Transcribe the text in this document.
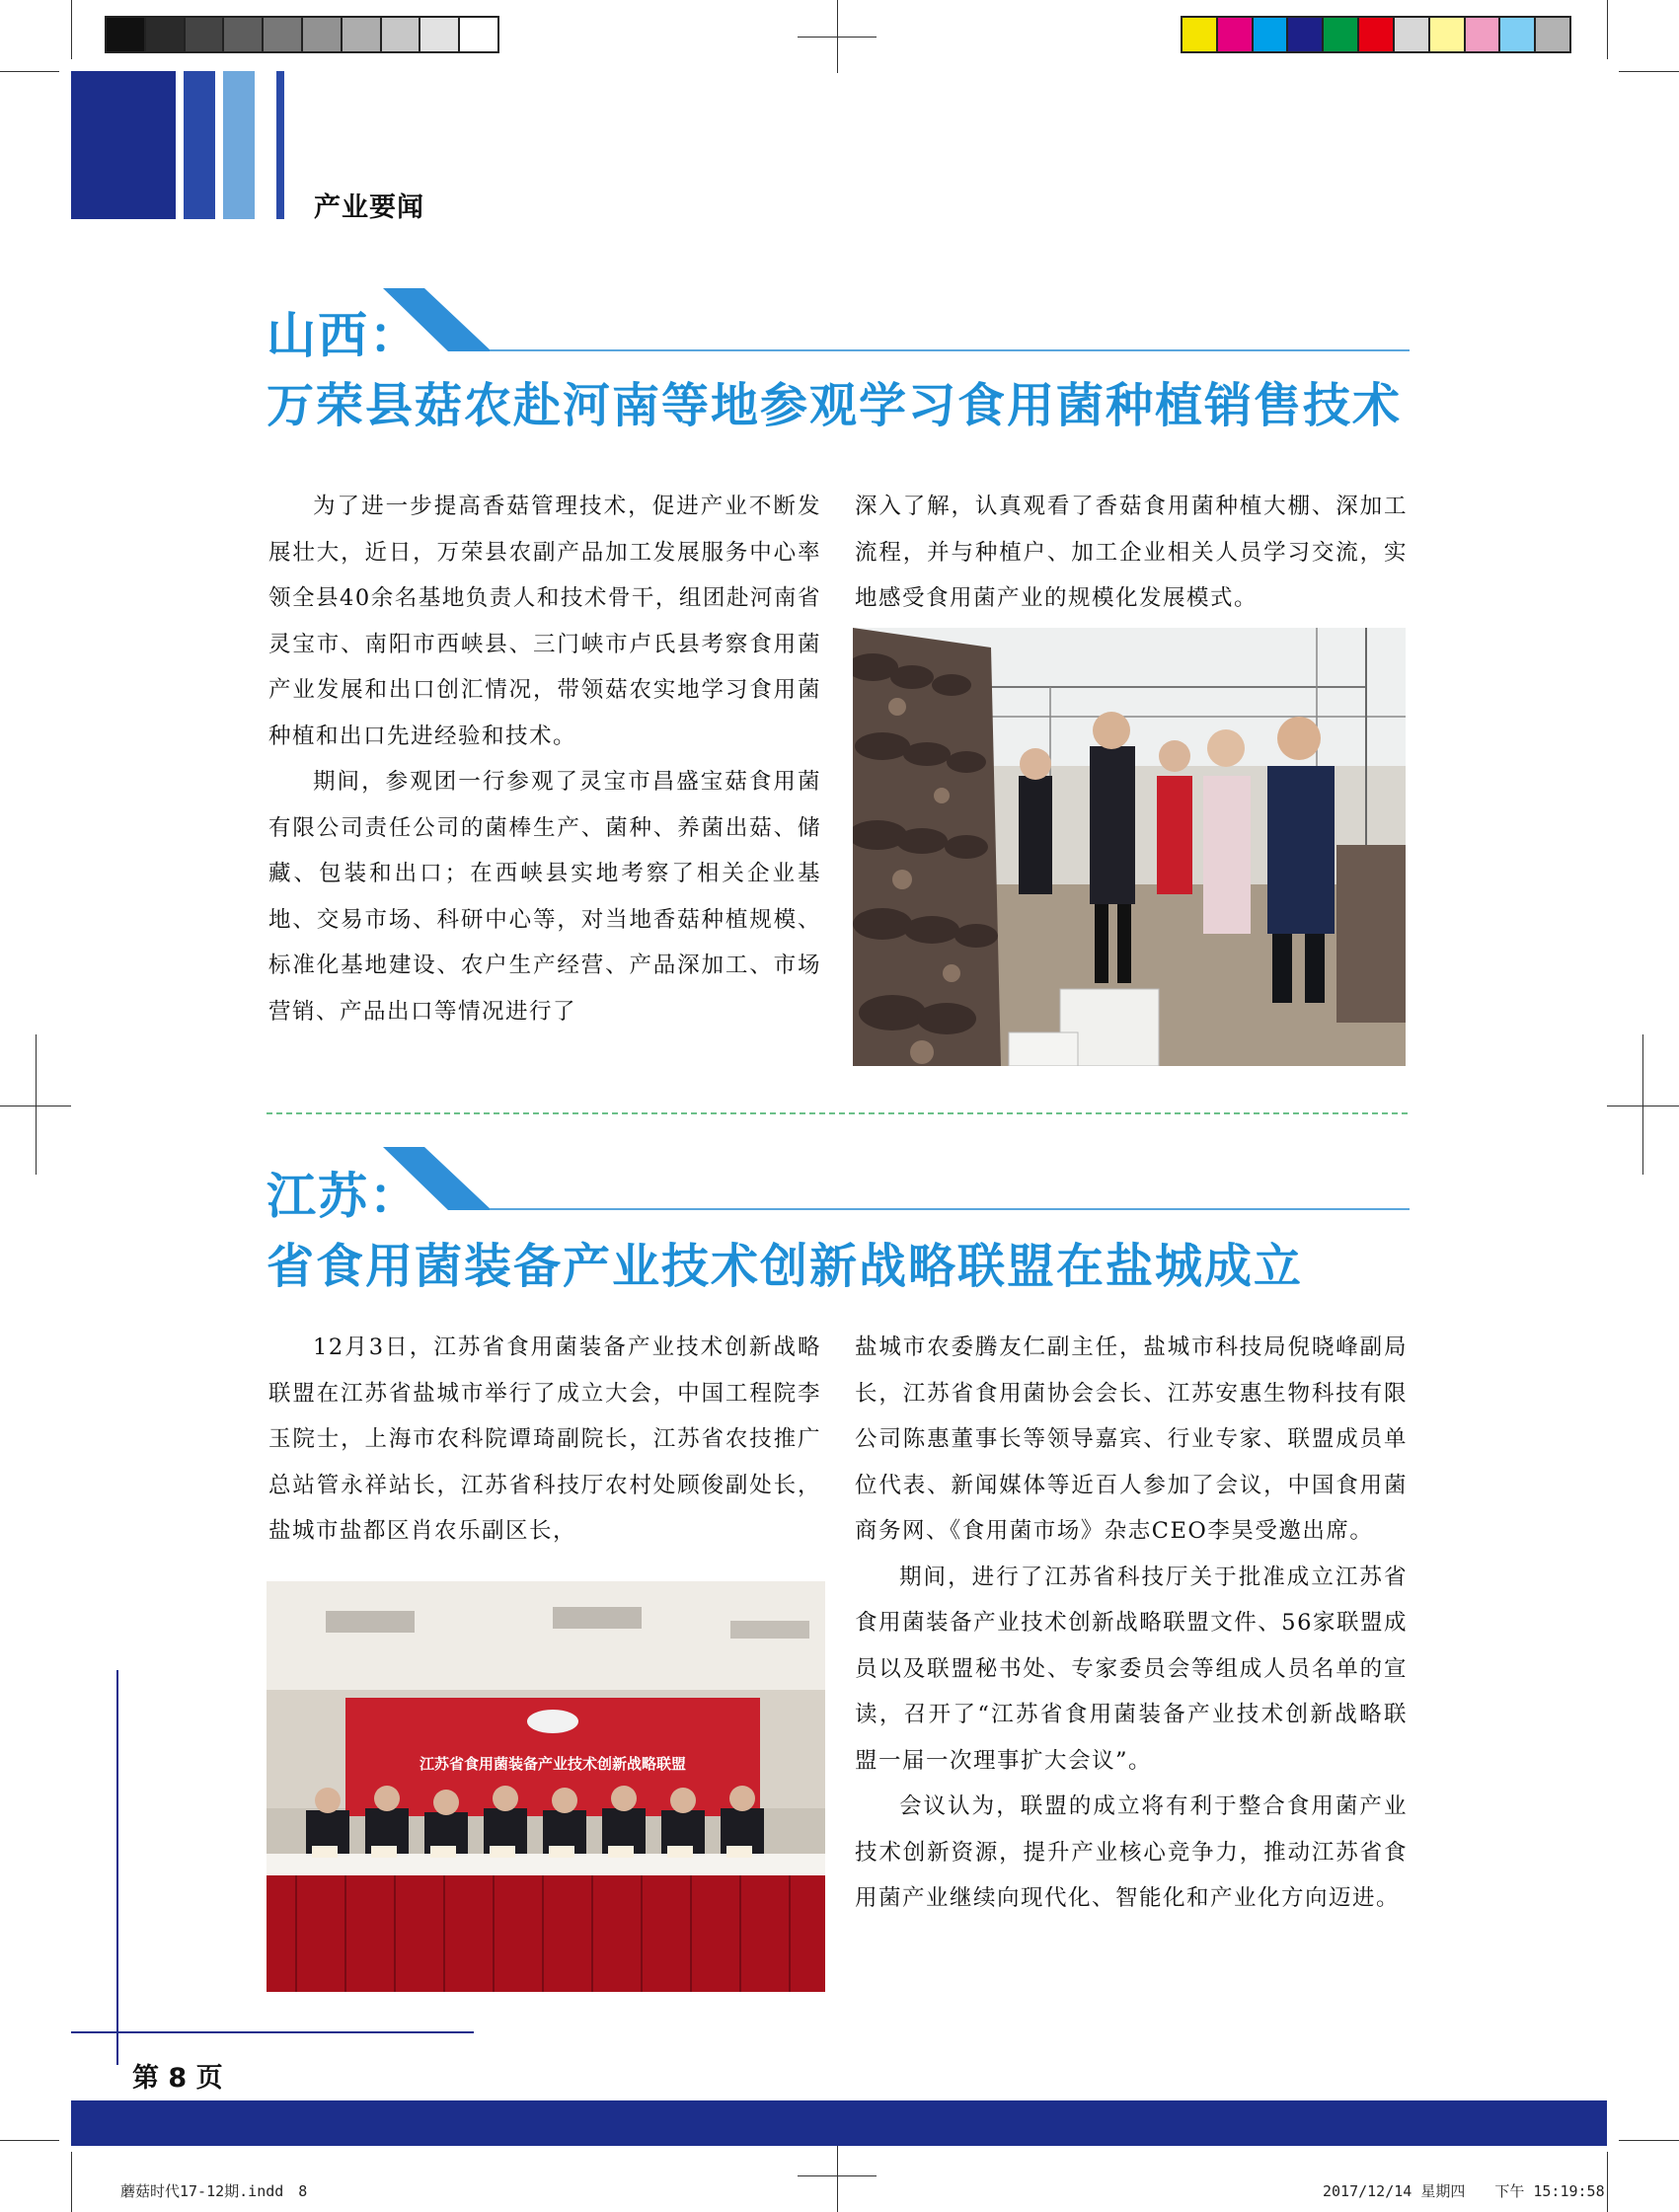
产业要闻
山西：
万荣县菇农赴河南等地参观学习食用菌种植销售技术

为了进一步提高香菇管理技术，促进产业不断发展壮大，近日，万荣县农副产品加工发展服务中心率领全县40余名基地负责人和技术骨干，组团赴河南省灵宝市、南阳市西峡县、三门峡市卢氏县考察食用菌产业发展和出口创汇情况，带领菇农实地学习食用菌种植和出口先进经验和技术。

期间，参观团一行参观了灵宝市昌盛宝菇食用菌有限公司责任公司的菌棒生产、菌种、养菌出菇、储藏、包装和出口；在西峡县实地考察了相关企业基地、交易市场、科研中心等，对当地香菇种植规模、标准化基地建设、农户生产经营、产品深加工、市场营销、产品出口等情况进行了

深入了解，认真观看了香菇食用菌种植大棚、深加工流程，并与种植户、加工企业相关人员学习交流，实地感受食用菌产业的规模化发展模式。

江苏：
省食用菌装备产业技术创新战略联盟在盐城成立

12月3日，江苏省食用菌装备产业技术创新战略联盟在江苏省盐城市举行了成立大会，中国工程院李玉院士，上海市农科院谭琦副院长，江苏省农技推广总站管永祥站长，江苏省科技厅农村处顾俊副处长，盐城市盐都区肖农乐副区长，

盐城市农委腾友仁副主任，盐城市科技局倪晓峰副局长，江苏省食用菌协会会长、江苏安惠生物科技有限公司陈惠董事长等领导嘉宾、行业专家、联盟成员单位代表、新闻媒体等近百人参加了会议，中国食用菌商务网、《食用菌市场》杂志CEO李昊受邀出席。

期间，进行了江苏省科技厅关于批准成立江苏省食用菌装备产业技术创新战略联盟文件、56家联盟成员以及联盟秘书处、专家委员会等组成人员名单的宣读，召开了“江苏省食用菌装备产业技术创新战略联盟一届一次理事扩大会议”。

会议认为，联盟的成立将有利于整合食用菌产业技术创新资源，提升产业核心竞争力，推动江苏省食用菌产业继续向现代化、智能化和产业化方向迈进。

江苏省食用菌装备产业技术创新战略联盟
第 8 页
蘑菇时代17-12期.indd　8	2017/12/14 星期四　　下午 15:19:58
